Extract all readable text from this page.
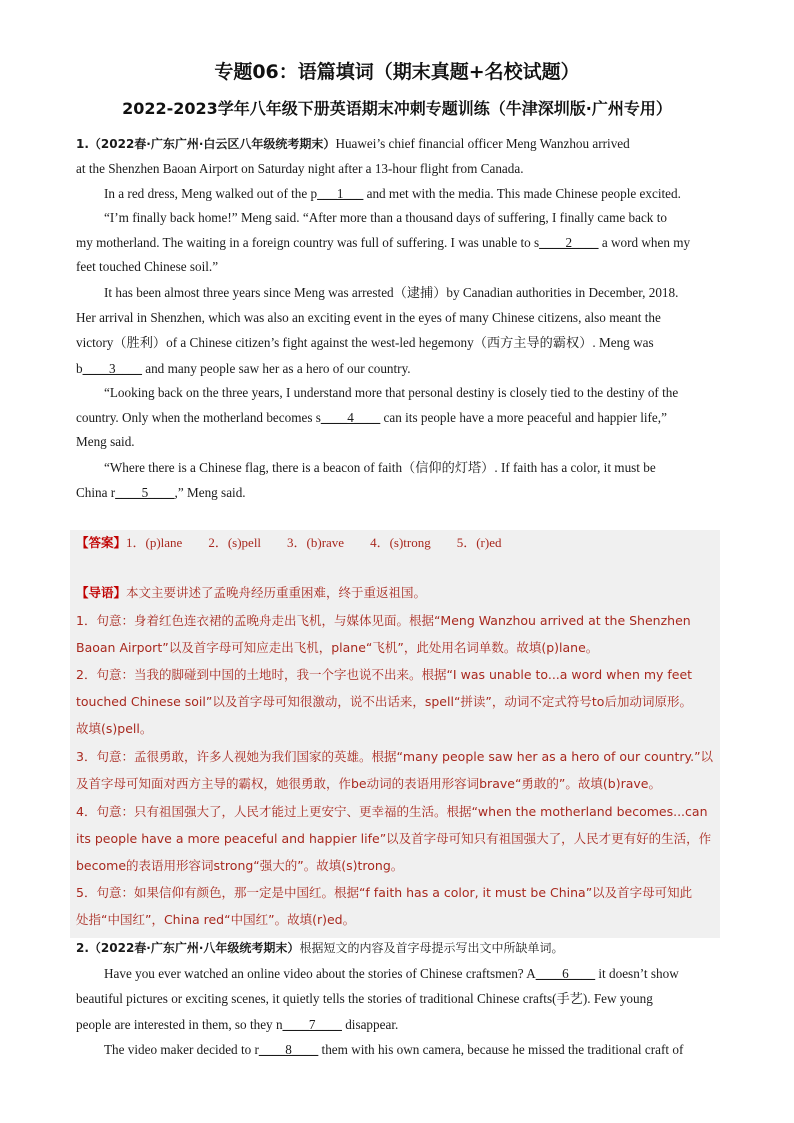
专题06：语篇填词（期末真题+名校试题）
2022-2023学年八年级下册英语期末冲刺专题训练（牛津深圳版·广州专用）
1.（2022春·广东广州·白云区八年级统考期末）Huawei’s chief financial officer Meng Wanzhou arrived
at the Shenzhen Baoan Airport on Saturday night after a 13-hour flight from Canada.
In a red dress, Meng walked out of the p___1___ and met with the media. This made Chinese people excited.
“I’m finally back home!” Meng said. “After more than a thousand days of suffering, I finally came back to
my motherland. The waiting in a foreign country was full of suffering. I was unable to s____2____ a word when my
feet touched Chinese soil.”
It has been almost three years since Meng was arrested（逮捕）by Canadian authorities in December, 2018.
Her arrival in Shenzhen, which was also an exciting event in the eyes of many Chinese citizens, also meant the
victory（胜利）of a Chinese citizen’s fight against the west-led hegemony（西方主导的霸权）. Meng was
b____3____ and many people saw her as a hero of our country.
“Looking back on the three years, I understand more that personal destiny is closely tied to the destiny of the
country. Only when the motherland becomes s____4____ can its people have a more peaceful and happier life,”
Meng said.
“Where there is a Chinese flag, there is a beacon of faith（信仰的灯塔）. If faith has a color, it must be
China r____5____,” Meng said.
【答案】1．(p)lane　　2．(s)pell　　3．(b)rave　　4．(s)trong　　5．(r)ed
【导语】本文主要讲述了孟晚舟经历重重困难，终于重返祖国。
1．句意：身着红色连衣裙的孟晚舟走出飞机，与媒体见面。根据“Meng Wanzhou arrived at the Shenzhen
Baoan Airport”以及首字母可知应走出飞机，plane“飞机”，此处用名词单数。故填(p)lane。
2．句意：当我的脚碰到中国的土地时，我一个字也说不出来。根据“I was unable to...a word when my feet
touched Chinese soil”以及首字母可知很激动，说不出话来，spell“拼读”，动词不定式符号to后加动词原形。
故填(s)pell。
3．句意：孟很勇敢，许多人视她为我们国家的英雄。根据“many people saw her as a hero of our country.”以
及首字母可知面对西方主导的霸权，她很勇敢，作be动词的表语用形容词brave“勇敢的”。故填(b)rave。
4．句意：只有祖国强大了，人民才能过上更安宁、更幸福的生活。根据“when the motherland becomes...can
its people have a more peaceful and happier life”以及首字母可知只有祖国强大了，人民才更有好的生活，作
become的表语用形容词strong“强大的”。故填(s)trong。
5．句意：如果信仰有颜色，那一定是中国红。根据“f faith has a color, it must be China”以及首字母可知此
处指“中国红”，China red“中国红”。故填(r)ed。
2.（2022春·广东广州·八年级统考期末）根据短文的内容及首字母提示写出文中所缺单词。
Have you ever watched an online video about the stories of Chinese craftsmen? A____6____ it doesn’t show
beautiful pictures or exciting scenes, it quietly tells the stories of traditional Chinese crafts(手艺). Few young
people are interested in them, so they n____7____ disappear.
The video maker decided to r____8____ them with his own camera, because he missed the traditional craft of
